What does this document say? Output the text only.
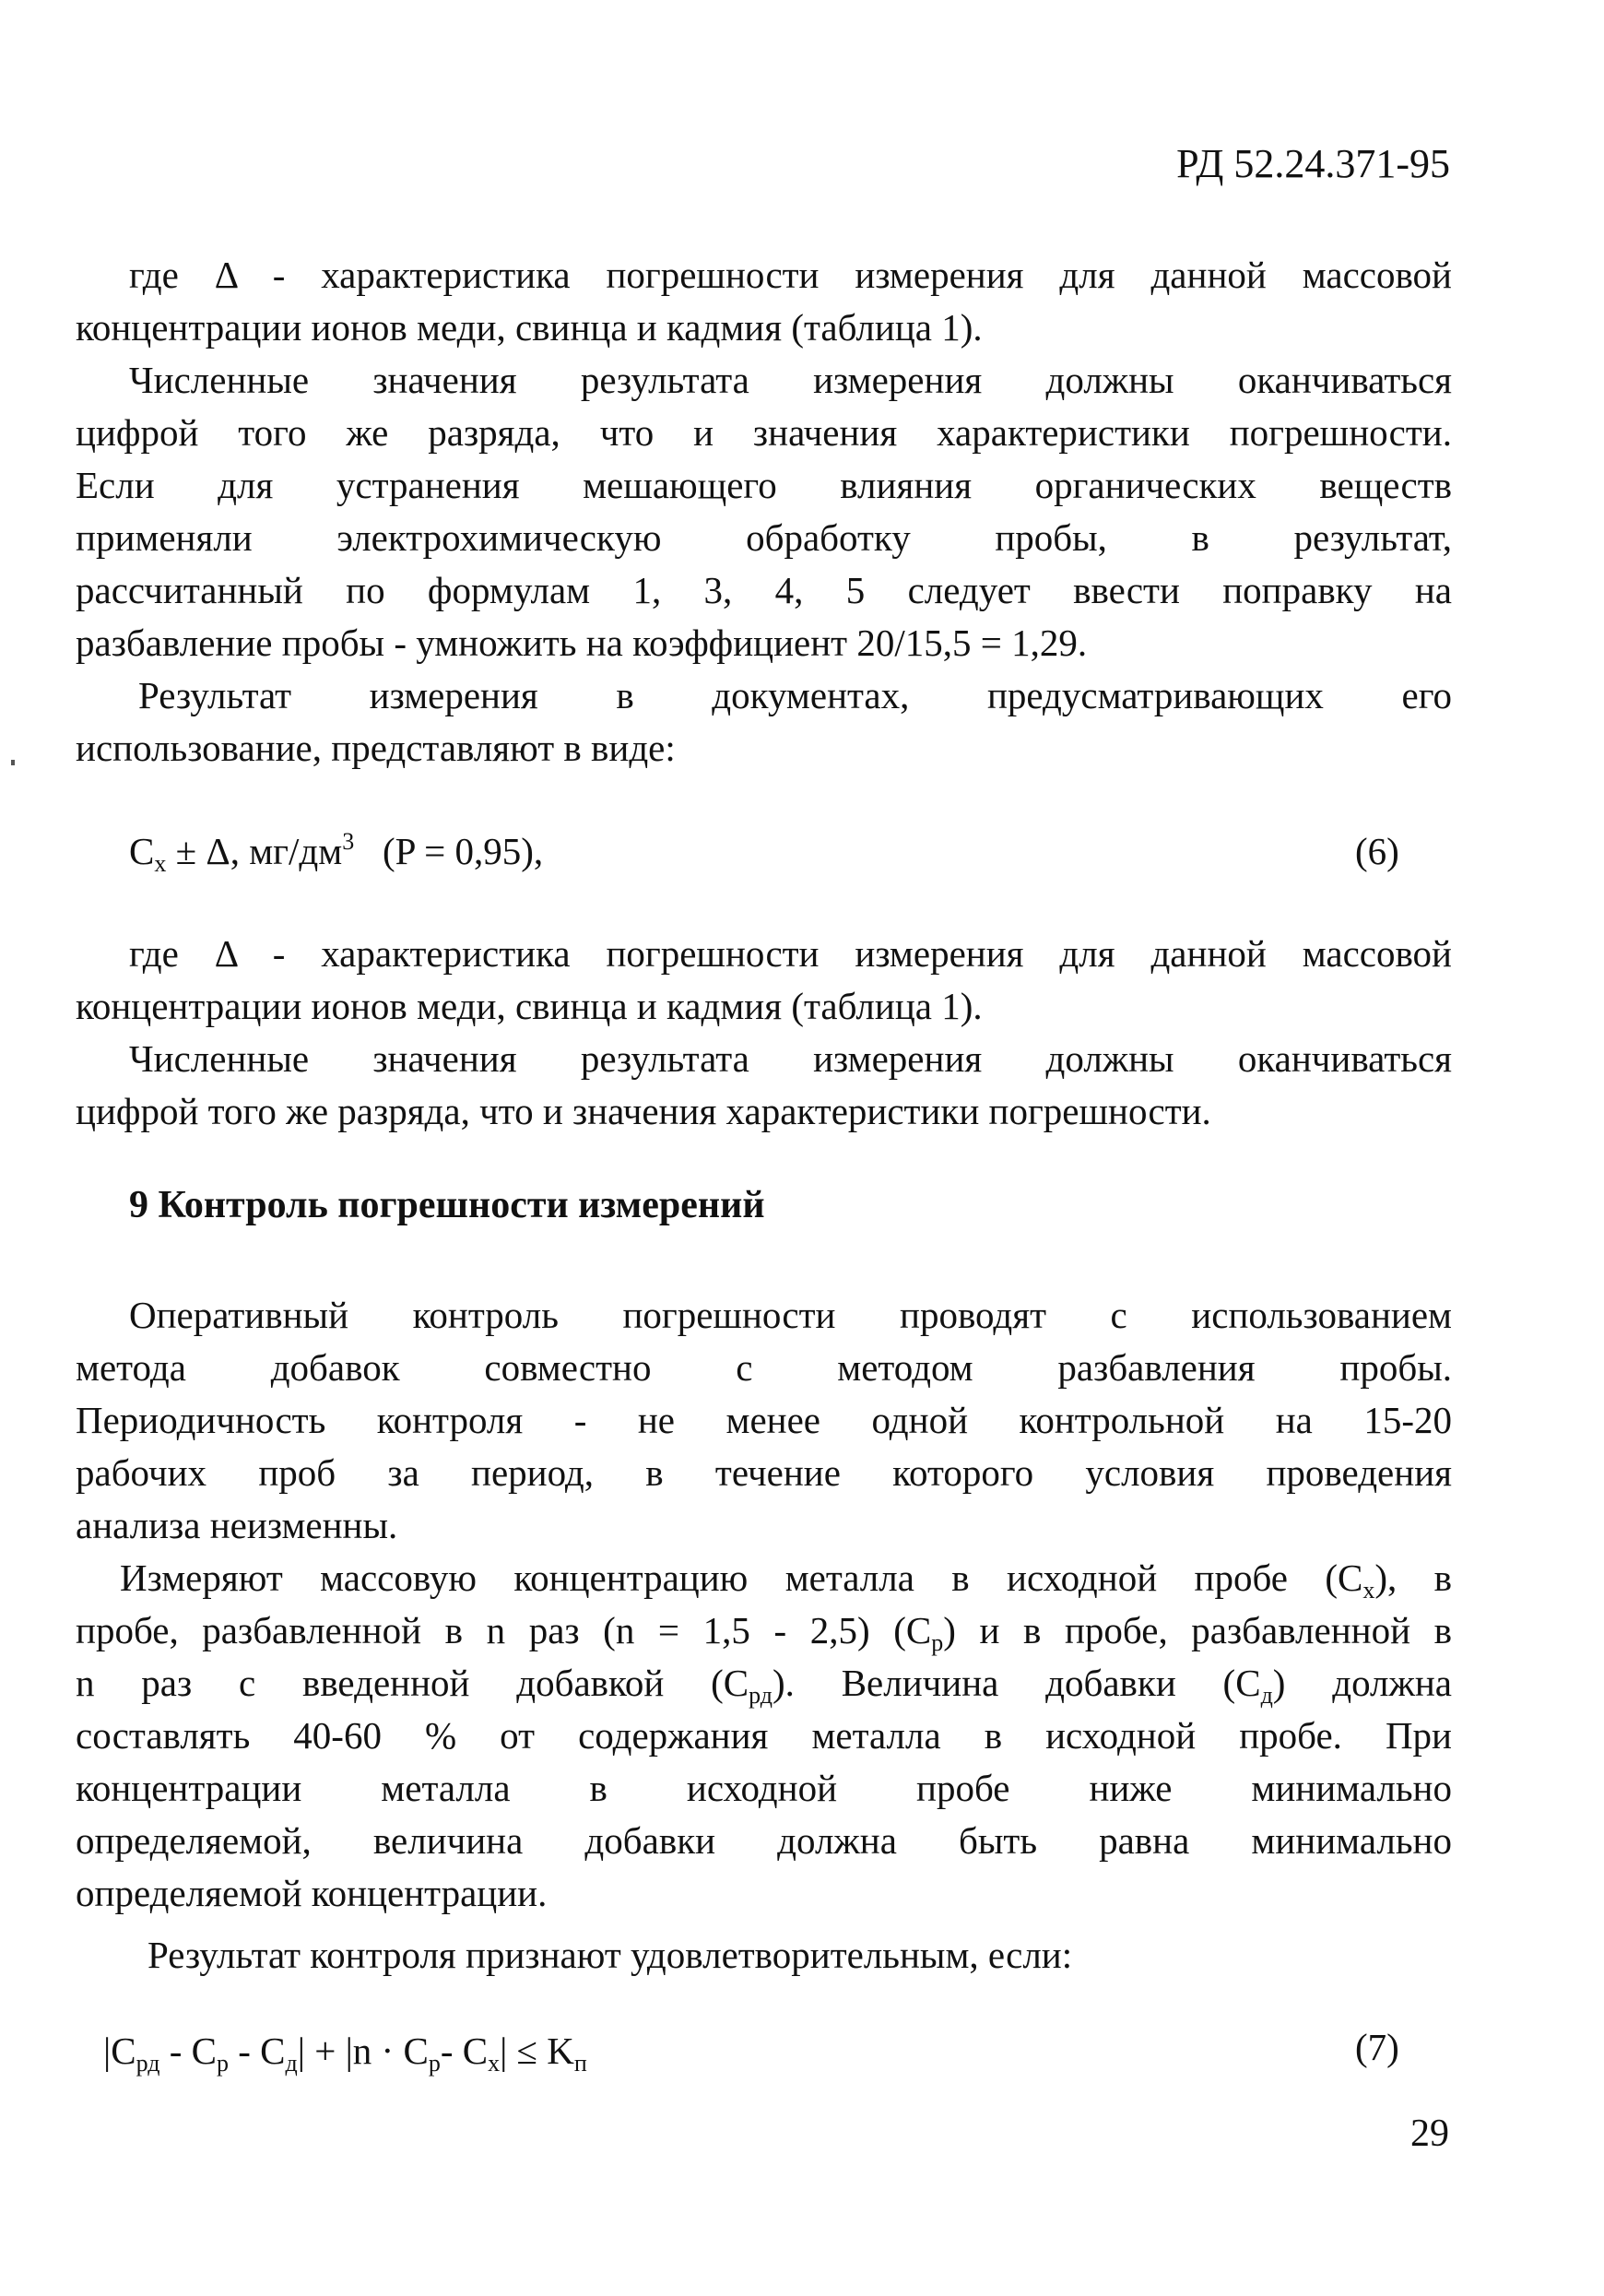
РД 52.24.371-95
где Δ - характеристика погрешности измерения для данной массовой
концентрации ионов меди, свинца и кадмия (таблица 1).
Численные значения результата измерения должны оканчиваться
цифрой того же разряда, что и значения характеристики погрешности.
Если для устранения мешающего влияния органических веществ
применяли электрохимическую обработку пробы, в результат,
рассчитанный по формулам 1, 3, 4, 5 следует ввести поправку на
разбавление пробы - умножить на коэффициент 20/15,5 = 1,29.
Результат измерения в документах, предусматривающих его
использование, представляют в виде:
$C_x \pm \Delta$, $мг/дм^3$   (P = 0,95),	(6)
где Δ - характеристика погрешности измерения для данной массовой
концентрации ионов меди, свинца и кадмия (таблица 1).
Численные значения результата измерения должны оканчиваться
цифрой того же разряда, что и значения характеристики погрешности.
9 Контроль погрешности измерений
Оперативный контроль погрешности проводят с использованием
метода добавок совместно с методом разбавления пробы.
Периодичность контроля - не менее одной контрольной на 15-20
рабочих проб за период, в течение которого условия проведения
анализа неизменны.
Измеряют массовую концентрацию металла в исходной пробе $(C_x)$, в
пробе, разбавленной в n раз (n = 1,5 - 2,5) $(C_р)$ и в пробе, разбавленной в
n раз с введенной добавкой $(C_{рд})$. Величина добавки $(C_д)$ должна
составлять 40-60 % от содержания металла в исходной пробе. При
концентрации металла в исходной пробе ниже минимально
определяемой, величина добавки должна быть равна минимально
определяемой концентрации.
Результат контроля признают удовлетворительным, если:
$|C_{рд} - C_р - C_д| + |n \cdot C_р-$ $C_x| \le K_п$	(7)
29
